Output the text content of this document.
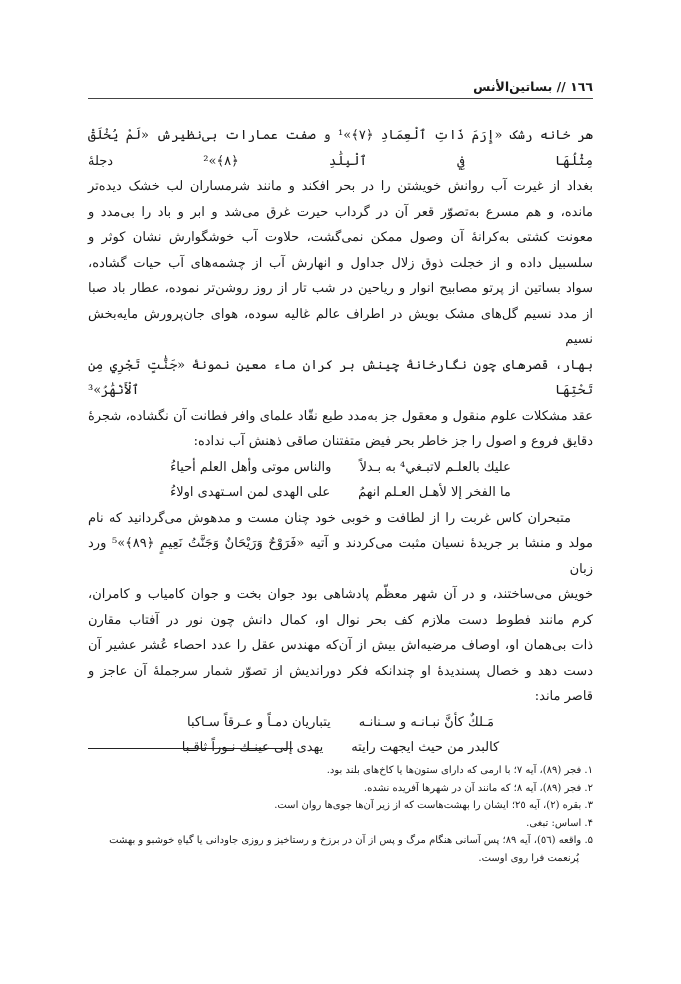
١٦٦ // بساتين‌الأنس

هر خانه رشک «إِرَمَ ذَاتِ ٱلْعِمَادِ ﴿٧﴾»¹ و صفت عمارات بی‌نظیرش «لَمْ يُخْلَقْ مِثْلُهَا فِي ٱلْبِلَٰدِ ﴿٨﴾»² دجلهٔ

بغداد از غیرت آب روانش خویشتن را در بحر افکند و مانند شرمساران لب خشک دیده‌تر

مانده، و هم مسرع به‌تصوّر قعر آن در گرداب حیرت غرق می‌شد و ابر و باد را بی‌مدد و

معونت کشتی به‌کرانهٔ آن وصول ممکن نمی‌گشت، حلاوت آب خوشگوارش نشان کوثر و

سلسبیل داده و از خجلت ذوق زلال جداول و انهارش آب از چشمه‌های آب حیات گشاده،

سواد بساتین از پرتو مصابیح انوار و ریاحین در شب تار از روز روشن‌تر نموده، عطار باد صبا

از مدد نسیم گل‌های مشک بویش در اطراف عالم غالیه سوده، هوای جان‌پرورش مایه‌بخش نسیم

بهار، قصرهای چون نگارخانهٔ چینش بر کران ماء معین نمونهٔ «جَنَّٰتٍ تَجْرِي مِن تَحْتِهَا ٱلْأَنْهَٰرُ»³

عقد مشکلات علوم منقول و معقول جز به‌مدد طبع نقّاد علمای وافر فطانت آن نگشاده، شجرهٔ

دقایق فروع و اصول را جز خاطر بحر فیض متفتنان صاقی ذهنش آب نداده:

عليك بالعلـم لاتبـغي⁴ به بـدلاً
والناس موتى وأهل العلم أحياءُ
ما الفخر إلا لأهـل العـلم انهمُ
على الهدى لمن اسـتهدى اولاءُ

متبحران کاس غربت را از لطافت و خوبی خود چنان مست و مدهوش می‌گردانید که نام

مولد و منشا بر جریدهٔ نسیان مثبت می‌کردند و آتیه «فَرَوْحٌ وَرَيْحَانٌ وَجَنَّتُ نَعِيمٍ ﴿٨٩﴾»⁵ ورد زبان

خویش می‌ساختند، و در آن شهر معظّم پادشاهی بود جوان بخت و جوان کامیاب و کامران،

کرم مانند فطوط دست ملازم کف بحر نوال او، کمال دانش چون نور در آفتاب مقارن

ذات بی‌همان او، اوصاف مرضیه‌اش بیش از آن‌که مهندس عقل را عدد احصاء عُشر عشیر آن

دست دهد و خصال پسندیدهٔ او چندانکه فکر دوراندیش از تصوّر شمار سرجملهٔ آن عاجز و

قاصر ماند:

مَـلكٌ كأنَّ نبـانـه و سـنانـه
يتباريان دمـاً و عـرقاً سـاكبا
كالبدر من حيث ايجهت رايته
يهدى إلى عينـك نـوراً ثاقـبا
١. فجر (٨٩)، آیه ٧؛ با ارمی که دارای ستون‌ها یا کاخ‌های بلند بود.
٢. فجر (٨٩)، آیه ٨؛ که مانند آن در شهرها آفریده نشده.
٣. بقره (٢)، آیه ٢٥؛ ایشان را بهشت‌هاست که از زیر آن‌ها جوی‌ها روان است.
۴. اساس: تبغی.
۵. واقعه (٥٦)، آیه ٨٩؛ پس آسانی هنگام مرگ و پس از آن در برزخ و رستاخیز و روزی جاودانی یا گیاهِ خوشبو و بهشت
پُرنعمت فرا روی اوست.
